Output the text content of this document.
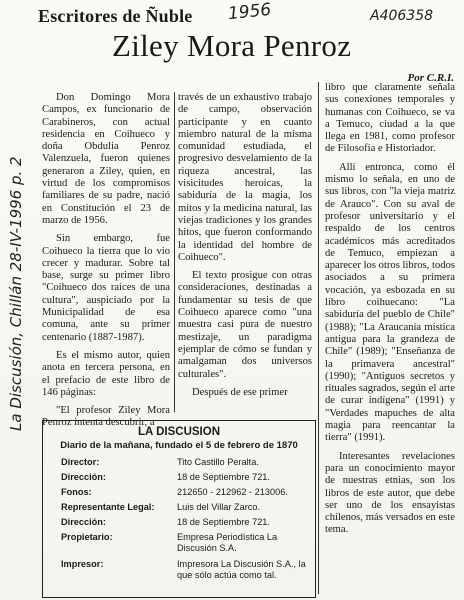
Escritores de Ñuble 1956	A406358
La Discusión, Chillán 28-IV-1996 p. 2
Ziley Mora Penroz
Por C.R.I.

Don Domingo Mora Campos, ex funcionario de Carabineros, con actual residencia en Coihueco y doña Obdulia Penroz Valenzuela, fueron quienes generaron a Ziley, quien, en virtud de los compromisos familiares de su padre, nació en Constitución el 23 de marzo de 1956.

Sin embargo, fue Coihueco la tierra que lo vio crecer y madurar. Sobre tal base, surge su primer libro "Coihueco dos raíces de una cultura", auspiciado por la Municipalidad de esa comuna, ante su primer centenario (1887-1987).

Es el mismo autor, quien anota en tercera persona, en el prefacio de este libro de 146 páginas:

"El profesor Ziley Mora Penroz intenta descubrir, a

través de un exhaustivo trabajo de campo, observación participante y en cuanto miembro natural de la misma comunidad estudiada, el progresivo desvelamiento de la riqueza ancestral, las visicitudes heroicas, la sabiduría de la magia, los mitos y la medicina natural, las viejas tradiciones y los grandes hitos, que fueron conformando la identidad del hombre de Coihueco".

El texto prosigue con otras consideraciones, destinadas a fundamentar su tesis de que Coihueco aparece como "una muestra casi pura de nuestro mestizaje, un paradigma ejemplar de cómo se fundan y amalgaman dos universos culturales".

Después de ese primer

libro que claramente señala sus conexiones temporales y humanas con Coihueco, se va a Temuco, ciudad a la que llega en 1981, como profesor de Filosofía e Historiador.

Allí entronca, como él mismo lo señala, en uno de sus libros, con "la vieja matriz de Arauco". Con su aval de profesor universitario y el respaldo de los centros académicos más acreditados de Temuco, empiezan a aparecer los otros libros, todos asociados a su primera vocación, ya esbozada en su libro coihuecano: "La sabiduría del pueblo de Chile" (1988); "La Araucanía mística antigua para la grandeza de Chile" (1989); "Enseñanza de la primavera ancestral" (1990); "Antiguos secretos y rituales sagrados, según el arte de curar indígena" (1991) y "Verdades mapuches de alta magia para reencantar la tierra" (1991).

Interesantes revelaciones para un conocimiento mayor de nuestras etnias, son los libros de este autor, que debe ser uno de los ensayistas chilenos, más versados en este tema.

LA DISCUSION
Diario de la mañana, fundado el 5 de febrero de 1870
Director:	Tito Castillo Peralta.
Dirección:	18 de Septiembre 721.
Fonos:	212650 - 212962 - 213006.
Representante Legal: Luis del Villar Zarco.
Dirección:	18 de Septiembre 721.
Propietario:	Empresa Periodística La Discusión S.A.
Impresor:	Impresora La Discusión S.A., la que sólo actúa como tal.
